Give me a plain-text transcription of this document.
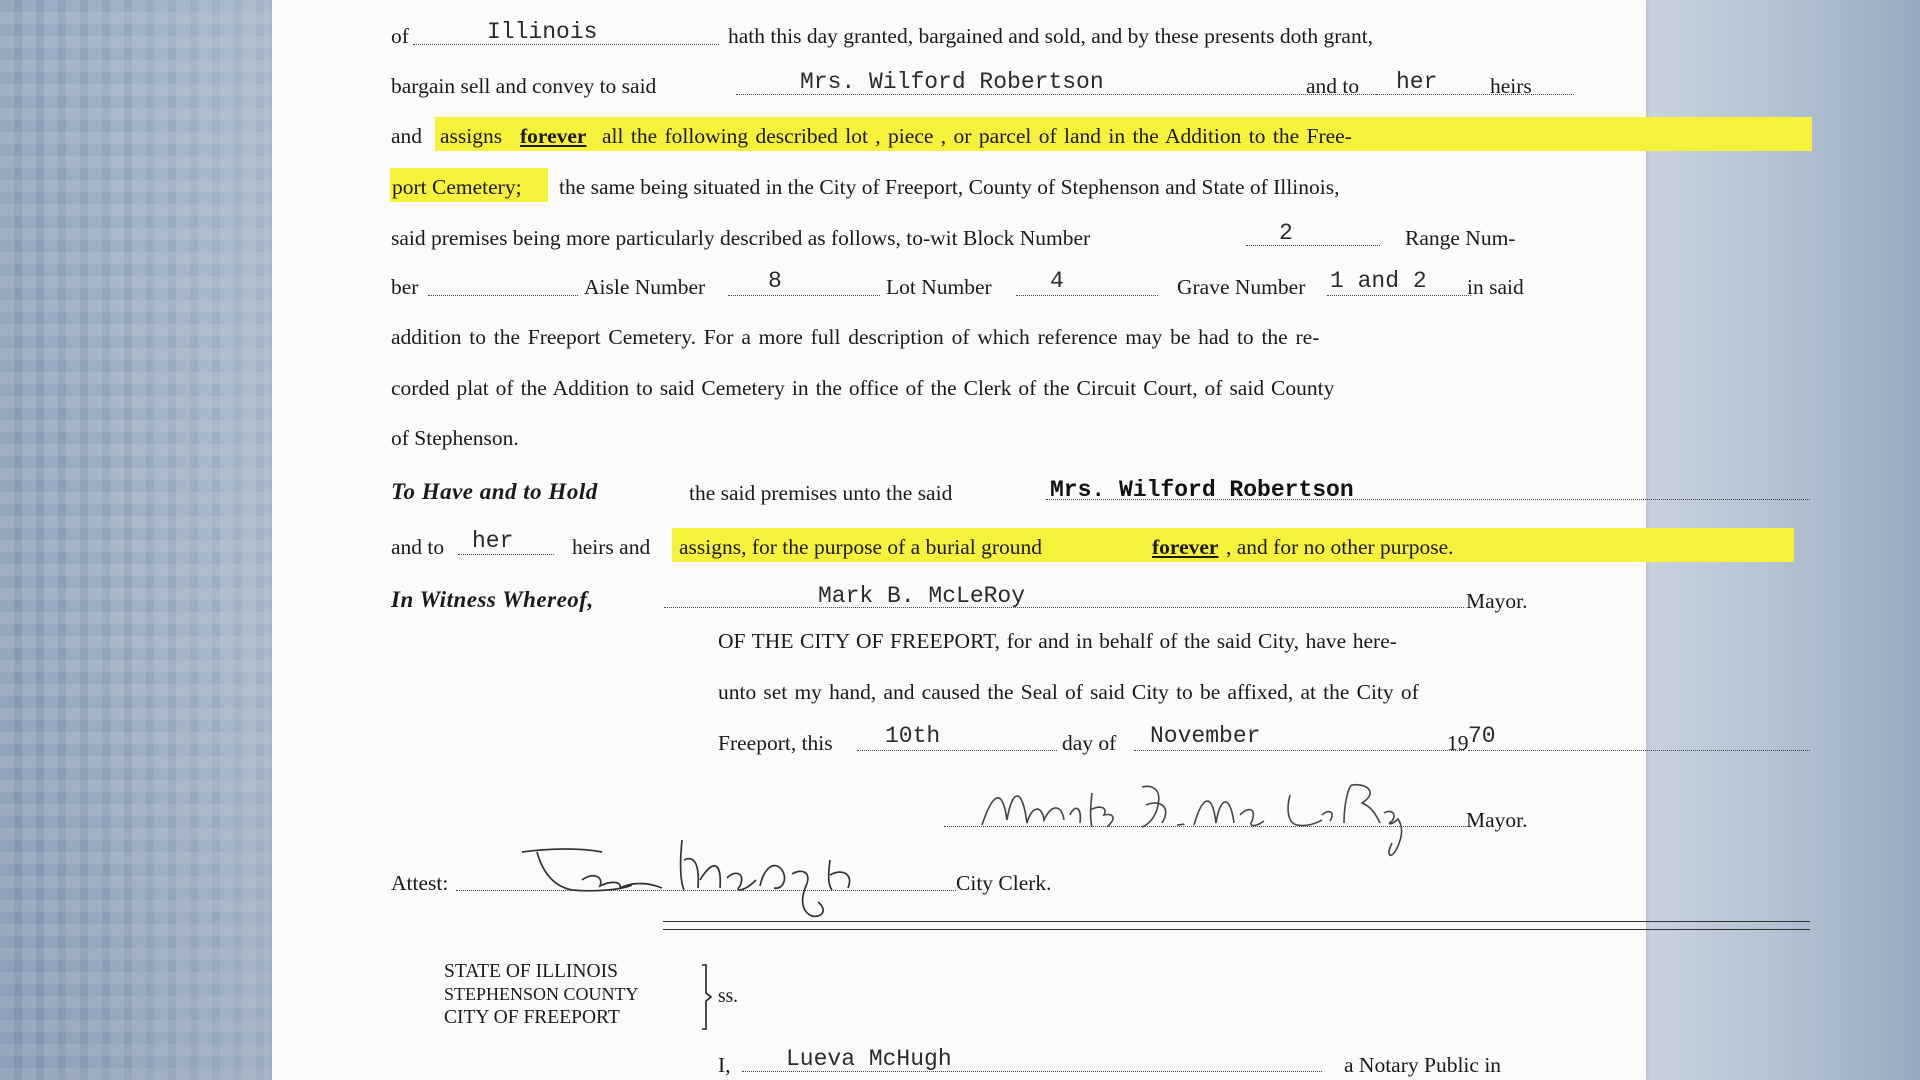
of	Illinois	hath this day granted, bargained and sold, and by these presents doth grant,
bargain sell and convey to said	Mrs. Wilford Robertson	and to her heirs
and assigns forever all the following described lot , piece , or parcel of land in the Addition to the Free-
port Cemetery; the same being situated in the City of Freeport, County of Stephenson and State of Illinois,
said premises being more particularly described as follows, to-wit Block Number	2	Range Num-
ber	Aisle Number	8	Lot Number	4	Grave Number 1 and 2 in said
addition to the Freeport Cemetery. For a more full description of which reference may be had to the re-
corded plat of the Addition to said Cemetery in the office of the Clerk of the Circuit Court, of said County
of Stephenson.
To Have and to Hold	the said premises unto the said	Mrs. Wilford Robertson
and to her	heirs and assigns, for the purpose of a burial ground	forever , and for no other purpose.
In Witness Whereof,	Mark B. McLeRoy	Mayor.
OF THE CITY OF FREEPORT, for and in behalf of the said City, have here-
unto set my hand, and caused the Seal of said City to be affixed, at the City of
Freeport, this 10th	day of November	19 70
Mayor.
Attest:	City Clerk.
STATE OF ILLINOIS
STEPHENSON COUNTY
CITY OF FREEPORT
ss.
I, Lueva McHugh	a Notary Public in
